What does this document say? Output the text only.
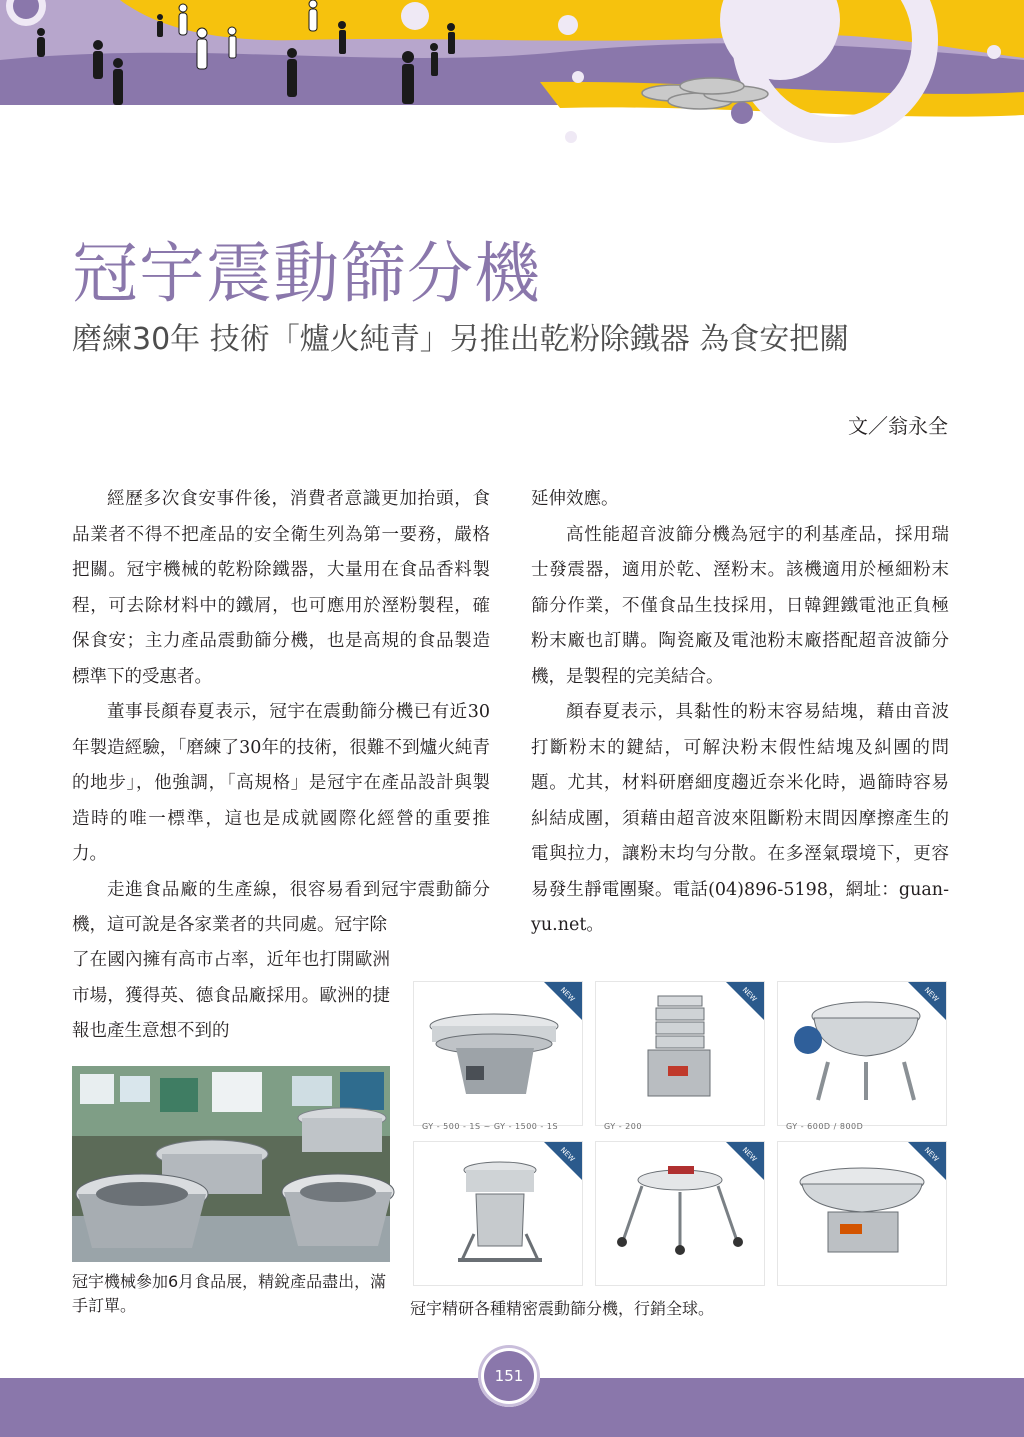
冠宇震動篩分機
磨練30年 技術「爐火純青」另推出乾粉除鐵器 為食安把關
文／翁永全

經歷多次食安事件後，消費者意識更加抬頭，食品業者不得不把產品的安全衛生列為第一要務，嚴格把關。冠宇機械的乾粉除鐵器，大量用在食品香料製程，可去除材料中的鐵屑，也可應用於溼粉製程，確保食安；主力產品震動篩分機，也是高規的食品製造標準下的受惠者。

董事長顏春夏表示，冠宇在震動篩分機已有近30年製造經驗，「磨練了30年的技術，很難不到爐火純青的地步」，他強調，「高規格」是冠宇在產品設計與製造時的唯一標準，這也是成就國際化經營的重要推力。

走進食品廠的生產線，很容易看到冠宇震動篩分機，這可說是各家業者的共同處。冠宇除

了在國內擁有高市占率，近年也打開歐洲市場，獲得英、德食品廠採用。歐洲的捷報也產生意想不到的

延伸效應。

高性能超音波篩分機為冠宇的利基產品，採用瑞士發震器，適用於乾、溼粉末。該機適用於極細粉末篩分作業，不僅食品生技採用，日韓鋰鐵電池正負極粉末廠也訂購。陶瓷廠及電池粉末廠搭配超音波篩分機，是製程的完美結合。

顏春夏表示，具黏性的粉末容易結塊，藉由音波打斷粉末的鍵結，可解決粉末假性結塊及糾團的問題。尤其，材料研磨細度趨近奈米化時，過篩時容易糾結成團，須藉由超音波來阻斷粉末間因摩擦產生的電與拉力，讓粉末均勻分散。在多溼氣環境下，更容易發生靜電團聚。電話(04)896-5198，網址：guan-yu.net。

冠宇機械參加6月食品展，精銳產品盡出，滿手訂單。
NEW
GY - 500 - 1S ~ GY - 1500 - 1S
NEW
GY - 200
NEW
GY - 600D / 800D
NEW	NEW	NEW
冠宇精研各種精密震動篩分機，行銷全球。
151
